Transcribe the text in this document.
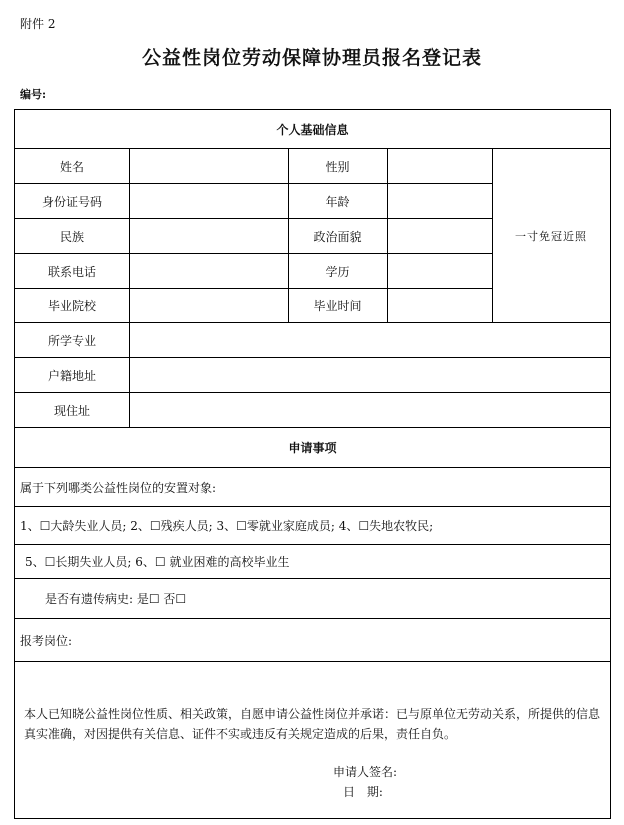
附件 2
公益性岗位劳动保障协理员报名登记表
编号:
个人基础信息
姓名	性别
身份证号码	年龄
民族	政治面貌
联系电话	学历
毕业院校	毕业时间
一寸免冠近照
所学专业
户籍地址
现住址
申请事项
属于下列哪类公益性岗位的安置对象:
1、☐大龄失业人员; 2、☐残疾人员; 3、☐零就业家庭成员; 4、☐失地农牧民;
5、☐长期失业人员; 6、☐ 就业困难的高校毕业生
是否有遗传病史: 是☐ 否☐
报考岗位:
本人已知晓公益性岗位性质、相关政策，自愿申请公益性岗位并承诺：已与原单位无劳动关系，所提供的信息真实准确，对因提供有关信息、证件不实或违反有关规定造成的后果，责任自负。
申请人签名:
日 期:
